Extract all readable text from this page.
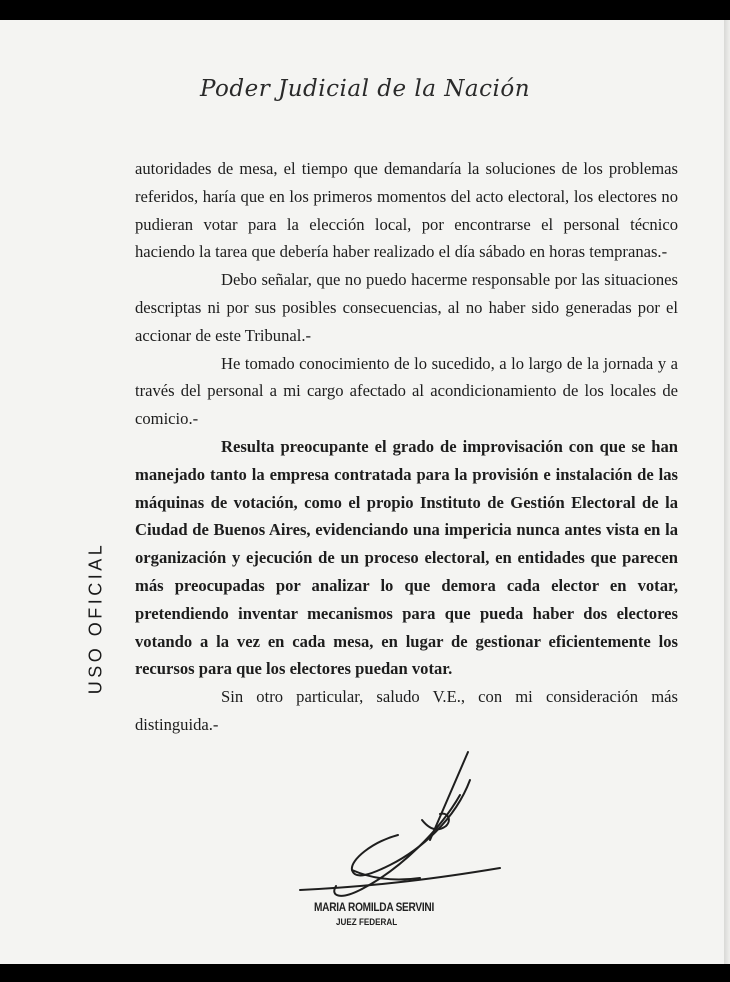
Poder Judicial de la Nación
USO OFICIAL

autoridades de mesa, el tiempo que demandaría la soluciones de los problemas referidos, haría que en los primeros momentos del acto electoral, los electores no pudieran votar para la elección local, por encontrarse el personal técnico haciendo la tarea que debería haber realizado el día sábado en horas tempranas.-

Debo señalar, que no puedo hacerme responsable por las situaciones descriptas ni por sus posibles consecuencias, al no haber sido generadas por el accionar de este Tribunal.-

He tomado conocimiento de lo sucedido, a lo largo de la jornada y a través del personal a mi cargo afectado al acondicionamiento de los locales de comicio.-

Resulta preocupante el grado de improvisación con que se han manejado tanto la empresa contratada para la provisión e instalación de las máquinas de votación, como el propio Instituto de Gestión Electoral de la Ciudad de Buenos Aires, evidenciando una impericia nunca antes vista en la organización y ejecución de un proceso electoral, en entidades que parecen más preocupadas por analizar lo que demora cada elector en votar, pretendiendo inventar mecanismos para que pueda haber dos electores votando a la vez en cada mesa, en lugar de gestionar eficientemente los recursos para que los electores puedan votar.

Sin otro particular, saludo V.E., con mi consideración más distinguida.-

MARIA ROMILDA SERVINI
JUEZ FEDERAL
